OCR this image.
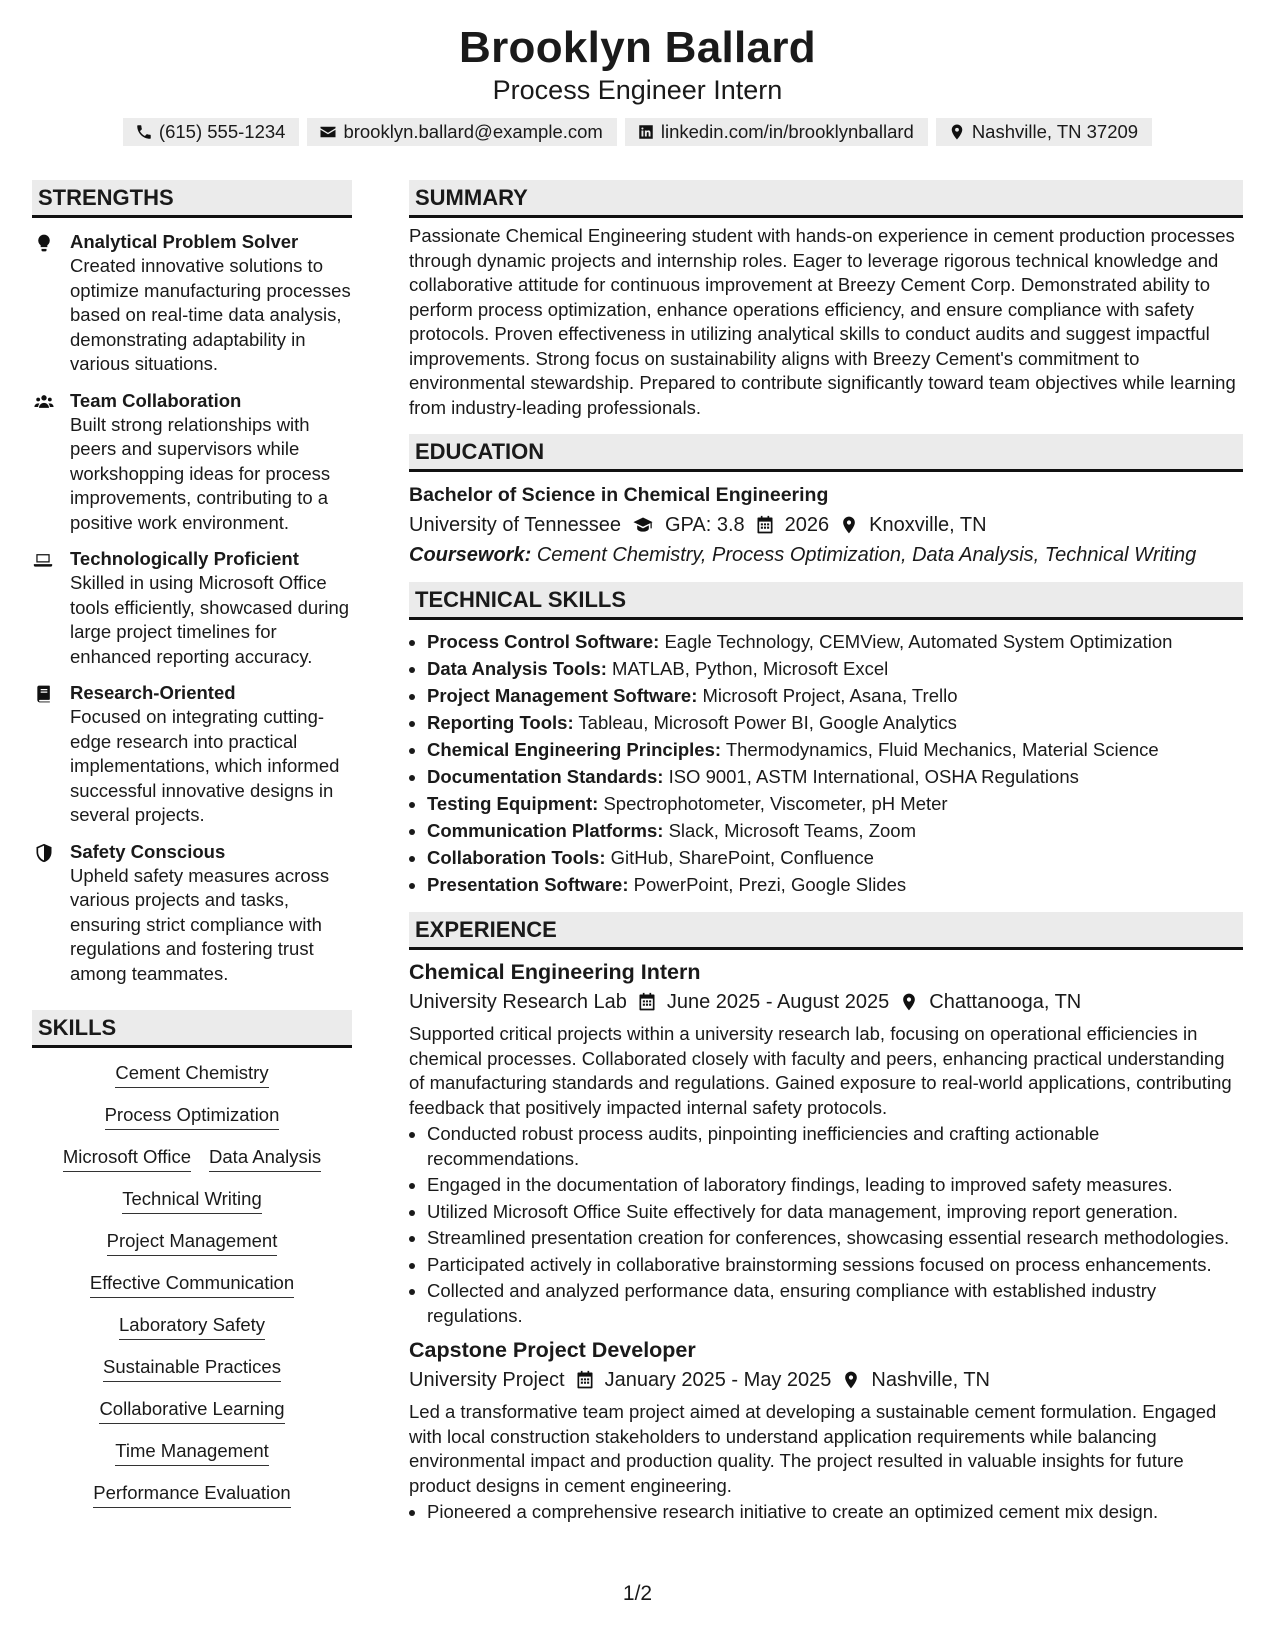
Brooklyn Ballard
Process Engineer Intern
(615) 555-1234	brooklyn.ballard@example.com	linkedin.com/in/brooklynballard	Nashville, TN 37209
STRENGTHS
Analytical Problem Solver
Created innovative solutions to optimize manufacturing processes based on real-time data analysis, demonstrating adaptability in various situations.
Team Collaboration
Built strong relationships with peers and supervisors while workshopping ideas for process improvements, contributing to a positive work environment.
Technologically Proficient
Skilled in using Microsoft Office tools efficiently, showcased during large project timelines for enhanced reporting accuracy.
Research-Oriented
Focused on integrating cutting-edge research into practical implementations, which informed successful innovative designs in several projects.
Safety Conscious
Upheld safety measures across various projects and tasks, ensuring strict compliance with regulations and fostering trust among teammates.
SKILLS
Cement Chemistry
Process Optimization
Microsoft Office Data Analysis
Technical Writing
Project Management
Effective Communication
Laboratory Safety
Sustainable Practices
Collaborative Learning
Time Management
Performance Evaluation
SUMMARY
Passionate Chemical Engineering student with hands-on experience in cement production processes through dynamic projects and internship roles. Eager to leverage rigorous technical knowledge and collaborative attitude for continuous improvement at Breezy Cement Corp. Demonstrated ability to perform process optimization, enhance operations efficiency, and ensure compliance with safety protocols. Proven effectiveness in utilizing analytical skills to conduct audits and suggest impactful improvements. Strong focus on sustainability aligns with Breezy Cement's commitment to environmental stewardship. Prepared to contribute significantly toward team objectives while learning from industry-leading professionals.
EDUCATION
Bachelor of Science in Chemical Engineering
University of Tennessee GPA: 3.8 2026 Knoxville, TN
Coursework: Cement Chemistry, Process Optimization, Data Analysis, Technical Writing
TECHNICAL SKILLS
• Process Control Software: Eagle Technology, CEMView, Automated System Optimization
• Data Analysis Tools: MATLAB, Python, Microsoft Excel
• Project Management Software: Microsoft Project, Asana, Trello
• Reporting Tools: Tableau, Microsoft Power BI, Google Analytics
• Chemical Engineering Principles: Thermodynamics, Fluid Mechanics, Material Science
• Documentation Standards: ISO 9001, ASTM International, OSHA Regulations
• Testing Equipment: Spectrophotometer, Viscometer, pH Meter
• Communication Platforms: Slack, Microsoft Teams, Zoom
• Collaboration Tools: GitHub, SharePoint, Confluence
• Presentation Software: PowerPoint, Prezi, Google Slides
EXPERIENCE
Chemical Engineering Intern
University Research Lab June 2025 - August 2025 Chattanooga, TN
Supported critical projects within a university research lab, focusing on operational efficiencies in chemical processes. Collaborated closely with faculty and peers, enhancing practical understanding of manufacturing standards and regulations. Gained exposure to real-world applications, contributing feedback that positively impacted internal safety protocols.
• Conducted robust process audits, pinpointing inefficiencies and crafting actionable recommendations.
• Engaged in the documentation of laboratory findings, leading to improved safety measures.
• Utilized Microsoft Office Suite effectively for data management, improving report generation.
• Streamlined presentation creation for conferences, showcasing essential research methodologies.
• Participated actively in collaborative brainstorming sessions focused on process enhancements.
• Collected and analyzed performance data, ensuring compliance with established industry regulations.
Capstone Project Developer
University Project January 2025 - May 2025 Nashville, TN
Led a transformative team project aimed at developing a sustainable cement formulation. Engaged with local construction stakeholders to understand application requirements while balancing environmental impact and production quality. The project resulted in valuable insights for future product designs in cement engineering.
• Pioneered a comprehensive research initiative to create an optimized cement mix design.
1/2
